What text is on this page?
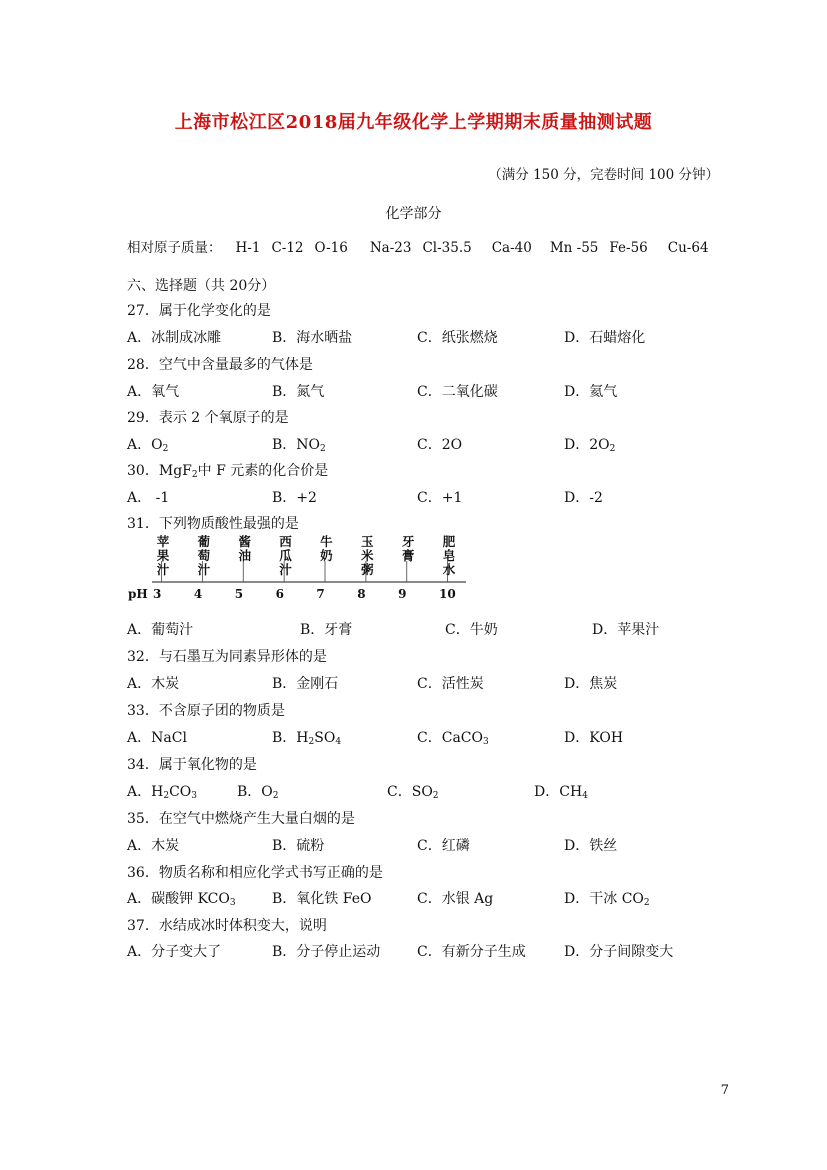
上海市松江区2018届九年级化学上学期期末质量抽测试题
（满分 150 分，完卷时间 100 分钟）
化学部分
相对原子质量： H-1 C-12 O-16 Na-23 Cl-35.5 Ca-40 Mn -55 Fe-56 Cu-64
六、选择题（共 20分）
27．属于化学变化的是
A．冰制成冰雕	B．海水晒盐	C．纸张燃烧	D．石蜡熔化
28．空气中含量最多的气体是
A．氧气	B．氮气	C．二氧化碳	D．氦气
29．表示 2 个氧原子的是
A．$O_2$	B．$NO_2$	C．2O	D．$2O_2$
30．MgF$_2$中 F 元素的化合价是
A． -1	B．+2	C．+1	D．-2
31．下列物质酸性最强的是
A．葡萄汁	B．牙膏	C．牛奶	D．苹果汁
32．与石墨互为同素异形体的是
A．木炭	B．金刚石	C．活性炭	D．焦炭
33．不含原子团的物质是
A．NaCl	B．$H_2SO_4$	C．CaCO$_3$	D．KOH
34．属于氧化物的是
A．$H_2CO_3$	B．$O_2$	C．$SO_2$	D．$CH_4$
35．在空气中燃烧产生大量白烟的是
A．木炭	B．硫粉	C．红磷	D．铁丝
36．物质名称和相应化学式书写正确的是
A．碳酸钾 $KCO_3$	B．氧化铁 FeO	C．水银 Ag	D．干冰 $CO_2$
37．水结成冰时体积变大，说明
A．分子变大了	B．分子停止运动	C．有新分子生成	D．分子间隙变大
苹
果
汁
葡
萄
汁
酱
油
西
瓜
汁
牛
奶
玉
米
粥
牙
膏
肥
皂
水
pH 3	4	5	6	7	8	9	10
7
